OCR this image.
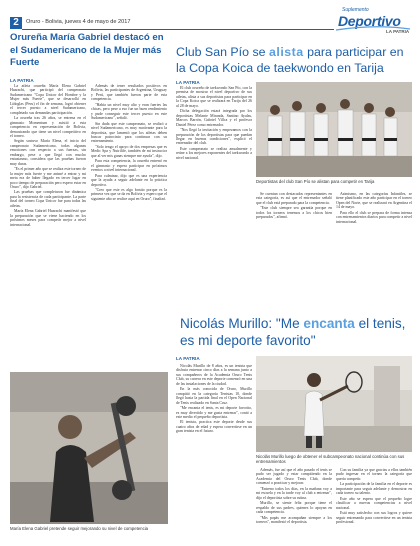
2	Oruro - Bolivia, jueves 4 de mayo de 2017
Suplemento
Deportivo
LA PATRIA
Orureña María Gabriel destacó en el Sudamericano de la Mujer más Fuerte
LA PATRIA

La atleta orureña María Elena Gabriel Huarachi, que participó del campeonato Sudamericano "Copa Unicor del Hombre y la Mujer más Fuerte", que se desarrolló en Lídoglas (Peru) el fin de semana, logró obtener el tercer puesto a nivel Sudamericano, completado sus demandas participación.

La orureña tras 26 años, se entrena en el gimnasio Momentum y asistió a esta competencia en representación de Bolivia, demostrando que tiene un nivel competitivo en el torneo.

Según sostuvo María Elena, el inicio del campeonato Sudamericano, todas algunas emociones con respecto a sus fuerzas, sin embargo, pese a que llegó con mucho entusiasmo, considera que las pruebas fueron muy duras.

"Es el primer año que se realiza este torneo de la mujer más fuerte y me animé a entrar y mi meta era de haber llegado en tercer lugar en poco tiempo de preparación pero espero estar en Oruro", dijo Gabriel.

Las pruebas que completaron fue dinámica para la resistencia de cada participante. La parte final del torneo Copa Unicor fue para todas las atletas.

María Elena Gabriel Huarachi manifestó que la preparación que se viene haciendo en los próximos meses para competir mejor a nivel internacional.

Además de tener resultados positivos en Bolivia, las participantes de Argentina, Uruguay y Perú, que también fueron parte de esta competencia.

"Había un nivel muy alto y eran fuertes las chicas, pero pese a eso fue un buen rendimiento y pude conseguir este tercer puesto en este Sudamericano", señaló.

Sin duda que este campeonato, se realizó a nivel Sudamericano, es muy motivante para la deportista, que lamentó que los atletas deben buscar patrocinio para continuar con su entrenamiento.

"Solo tengo el apoyo de dos empresas que es Medic Spa y Nutrilife, también de mi instructor que al ver mis ganas siempre me ayuda", dijo.

Para esta competencia, la orureña entrenó en el gimnasio y espera participar en próximos eventos a nivel internacional.

Para culminar, dijo que es una experiencia que la ayuda a seguir adelante en la práctica deportiva.

"Creo que este es algo bonito porque es la primera vez que se da en Bolivia y espero que el siguiente año se realice aquí en Oruro", finalizó.

María Elena Gabriel pretende seguir mejorando su nivel de competencia
Club San Pío se alista para participar en la Copa Koica de taekwondo en Tarija
LA PATRIA

El club orureño de taekwondo San Pío, con la premisa de mostrar el nivel deportivo de sus atletas, alista a sus deportistas para participar en la Copa Koica que se realizará en Tarija del 26 al 28 de mayo.

Dicha delegación estará integrada por los deportistas Melanie Miranda, Santino Ayalas, Marcos Barrón, Gabriel Villca y el profesor Daniel Pérez como entrenador.

"Nos llegó la invitación y empezamos con la preparación de los deportistas para que puedan llegar en buenas condiciones", explicó el entrenador del club.

Este campeonato se realiza anualmente y reúne a los mejores exponentes del taekwondo a nivel nacional.

Deportistas del club San Pío se alistan para competir en Tarija

Se cuentan con destacados representantes en esta categoría, es así que el entrenador señaló que el club está preparado para la competencia.

"Este club siempre sea garantía porque en todos los torneos tenemos a los chicos bien preparados", afirmó.

Asimismo, en las categorías Infantiles, se tiene planificado este año participar en el torneo Open del Norte, que se realizará en Argentina el 14 de mayo.

Para ello el club se prepara de forma intensa con entrenamientos diarios para competir a nivel internacional.

Nicolás Murillo: "Me encanta el tenis, es mi deporte favorito"
LA PATRIA

Nicolás Murillo de 8 años, es un tenista que disfruta entrenar cinco días a la semana junto a sus compañeros de la Academia Oruro Tenis Club, su carrera en este deporte comenzó en una de las instalaciones de la ciudad.

En la más conocida de Oruro, Murillo compitió en la categoría Tenistas 10, donde llegó hasta la partida final en el Open Nacional de Tenis realizado en Santa Cruz.

"Me encanta el tenis, es mi deporte favorito, es muy divertido y me gusta entrenar", contó a este medio el pequeño deportista.

El tenista, practica este deporte desde sus cuatro años de edad y espera convertirse en un gran tenista en el futuro.

Nicolás Murillo luego de obtener el subcampeonato nacional continúa con sus entrenamientos

Además, fue así que el año pasado el tenis se pudo ser jugado y estar compitiendo en la Academia del Oruro Tenis Club, donde comenzó a practicar y mejorar.

"Entreno todos los días, en la mañana voy a mi escuela y en la tarde voy al club a entrenar", dijo el deportista sobre su rutina.

Murillo, se siente feliz porque tiene el respaldo de sus padres, quienes lo apoyan en cada competencia.

"Mis papás me acompañan siempre a los torneos", manifestó el deportista.

Con su familia ya que gracias a ellos también pudo ingresar en el torneo la categoría que quería competir.

La participación de la familia en el deporte es importante para seguir adelante y demostrar en cada torneo su talento.

Este año se espera que el pequeño logre clasificar a nuevas competencias a nivel nacional.

Está muy satisfecho con sus logros y quiere seguir entrenando para convertirse en un tenista profesional.
